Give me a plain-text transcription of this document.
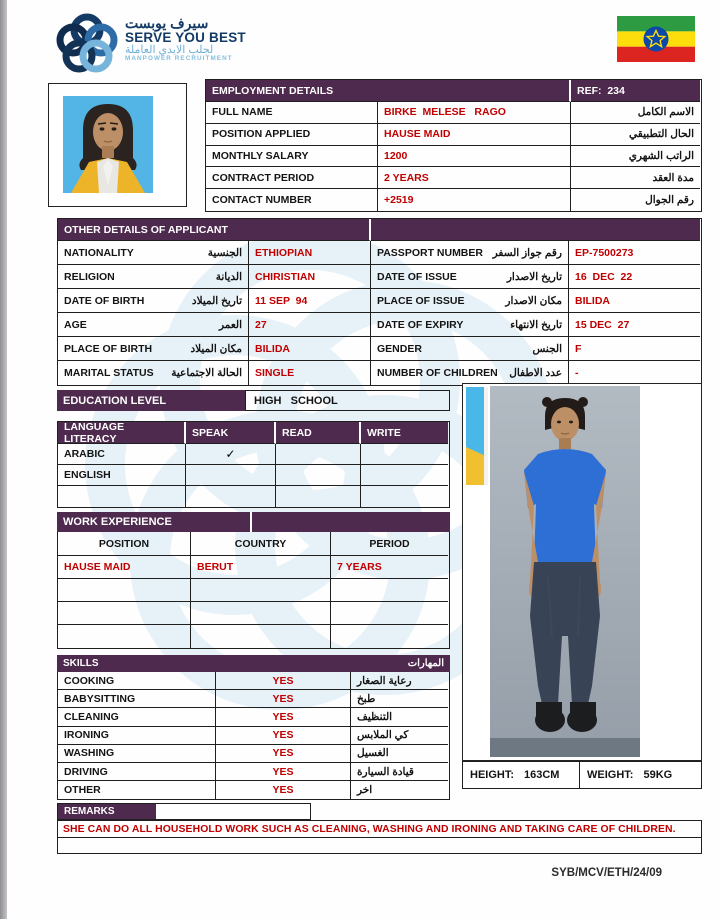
سيرف يوبست
SERVE YOU BEST
لجلب الايدي العاملة
MANPOWER RECRUITMENT
EMPLOYMENT DETAILS	REF:  234
FULL NAME	BIRKE  MELESE   RAGO	الاسم الكامل
POSITION APPLIED	HAUSE MAID	الحال التطبيقي
MONTHLY SALARY	1200	الراتب الشهري
CONTRACT PERIOD	2 YEARS	مدة العقد
CONTACT NUMBER	+2519	رقم الجوال
OTHER DETAILS OF APPLICANT
NATIONALITY	الجنسية	ETHIOPIAN	PASSPORT NUMBER رقم جواز السفر	EP-7500273
RELIGION	الديانة	CHIRISTIAN	DATE OF ISSUE	تاريخ الاصدار	16  DEC  22
DATE OF BIRTH	تاريخ الميلاد	11 SEP  94	PLACE OF ISSUE	مكان الاصدار	BILIDA
AGE	العمر	27	DATE OF EXPIRY	تاريخ الانتهاء	15 DEC  27
PLACE OF BIRTH	مكان الميلاد	BILIDA	GENDER	الجنس	F
MARITAL STATUS الحالة الاجتماعية	SINGLE	NUMBER OF CHILDREN عدد الاطفال	-
EDUCATION LEVEL	HIGH   SCHOOL
LANGUAGE LITERACY	SPEAK	READ	WRITE
ARABIC	✓
ENGLISH
WORK EXPERIENCE
POSITION	COUNTRY	PERIOD
HAUSE MAID	BERUT	7 YEARS
SKILLS	المهارات
COOKING	YES	رعاية الصغار
BABYSITTING	YES	طبخ
CLEANING	YES	التنظيف
IRONING	YES	كي الملابس
WASHING	YES	الغسيل
DRIVING	YES	قيادة السيارة
OTHER	YES	اخر
HEIGHT: 163CM	WEIGHT: 59KG
REMARKS
SHE CAN DO ALL HOUSEHOLD WORK SUCH AS CLEANING, WASHING AND IRONING AND TAKING CARE OF CHILDREN.
SYB/MCV/ETH/24/09
